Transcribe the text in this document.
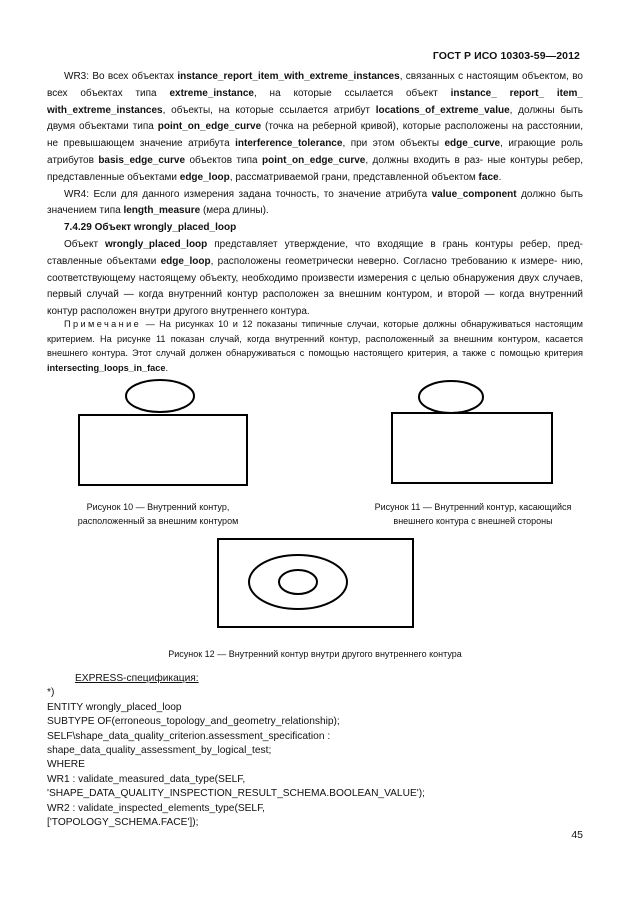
ГОСТ Р ИСО 10303-59—2012

WR3: Во всех объектах instance_report_item_with_extreme_instances, связанных с настоящим объектом, во всех объектах типа extreme_instance, на которые ссылается объект instance_ report_ item_ with_extreme_instances, объекты, на которые ссылается атрибут locations_of_extreme_value, должны быть двумя объектами типа point_on_edge_curve (точка на реберной кривой), которые расположены на расстоянии, не превышающем значение атрибута interference_tolerance, при этом объекты edge_curve, играющие роль атрибутов basis_edge_curve объектов типа point_on_edge_curve, должны входить в раз- ные контуры ребер, представленные объектами edge_loop, рассматриваемой грани, представленной объектом face.

WR4: Если для данного измерения задана точность, то значение атрибута value_component должно быть значением типа length_measure (мера длины).

7.4.29 Объект wrongly_placed_loop

Объект wrongly_placed_loop представляет утверждение, что входящие в грань контуры ребер, пред- ставленные объектами edge_loop, расположены геометрически неверно. Согласно требованию к измере- нию, соответствующему настоящему объекту, необходимо произвести измерения с целью обнаружения двух случаев, первый случай — когда внутренний контур расположен за внешним контуром, и второй — когда внутренний контур расположен внутри другого внутреннего контура.

Примечание — На рисунках 10 и 12 показаны типичные случаи, которые должны обнаруживаться настоящим критерием. На рисунке 11 показан случай, когда внутренний контур, расположенный за внешним контуром, касается внешнего контура. Этот случай должен обнаруживаться с помощью настоящего критерия, а также с помощью критерия intersecting_loops_in_face.

Рисунок 10 — Внутренний контур,
расположенный за внешним контуром
Рисунок 11 — Внутренний контур, касающийся
внешнего контура с внешней стороны
Рисунок 12 — Внутренний контур внутри другого внутреннего контура

EXPRESS-спецификация:

*)

ENTITY wrongly_placed_loop

SUBTYPE OF(erroneous_topology_and_geometry_relationship);

SELF\shape_data_quality_criterion.assessment_specification :

shape_data_quality_assessment_by_logical_test;

WHERE

WR1 : validate_measured_data_type(SELF,

'SHAPE_DATA_QUALITY_INSPECTION_RESULT_SCHEMA.BOOLEAN_VALUE');

WR2 : validate_inspected_elements_type(SELF,

['TOPOLOGY_SCHEMA.FACE']);

45
